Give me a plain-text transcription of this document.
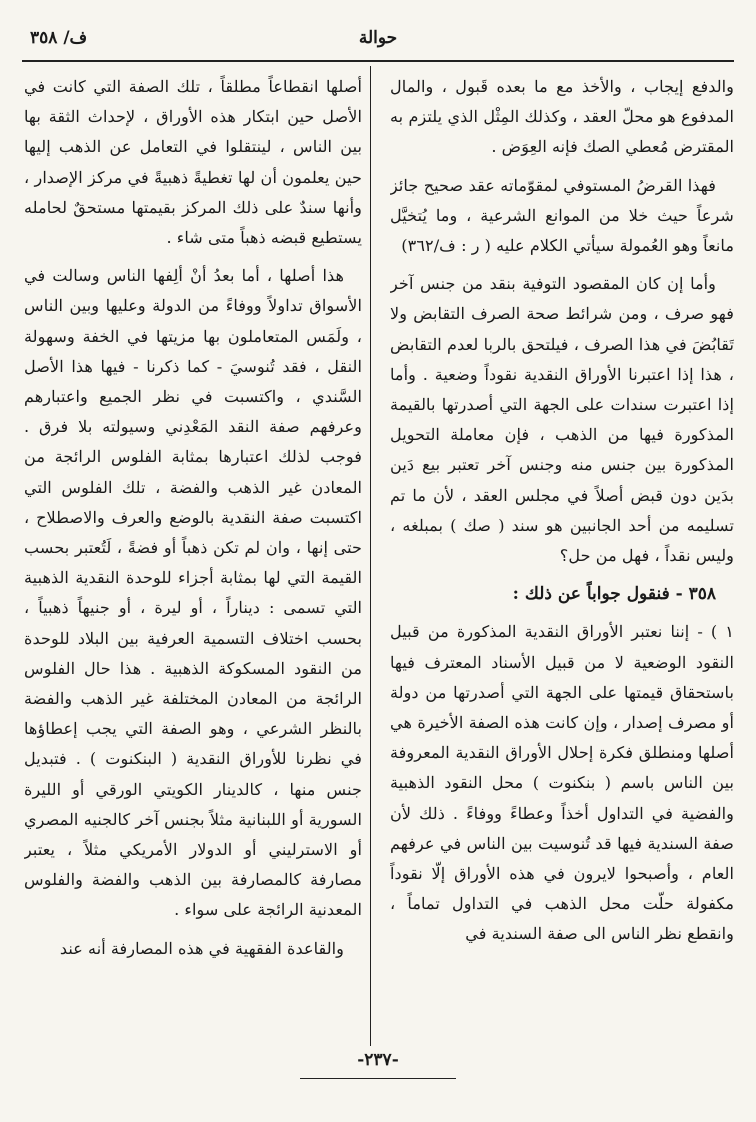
حوالة
ف/ ٣٥٨

والدفع إيجاب ، والأخذ مع ما بعده قَبول ، والمال المدفوع هو محلّ العقد ، وكذلك المِثْل الذي يلتزم به المقترض مُعطي الصك فإنه العِوَض .

فهذا القرضُ المستوفي لمقوّماته عقد صحيح جائز شرعاً حيث خلا من الموانع الشرعية ، وما يُتخيَّل مانعاً وهو العُمولة سيأتي الكلام عليه ( ر : ف/٣٦٢)

وأما إن كان المقصود التوفية بنقد من جنس آخر فهو صرف ، ومن شرائط صحة الصرف التقابض ولا تَقابُضَ في هذا الصرف ، فيلتحق بالربا لعدم التقابض ، هذا إذا اعتبرنا الأوراق النقدية نقوداً وضعية . وأما إذا اعتبرت سندات على الجهة التي أصدرتها بالقيمة المذكورة فيها من الذهب ، فإن معاملة التحويل المذكورة بين جنس منه وجنس آخر تعتبر بيع دَين بدَين دون قبض أصلاً في مجلس العقد ، لأن ما تم تسليمه من أحد الجانبين هو سند ( صك ) بمبلغه ، وليس نقداً ، فهل من حل؟

٣٥٨ - فنقول جواباً عن ذلك :

١ ) - إننا نعتبر الأوراق النقدية المذكورة من قبيل النقود الوضعية لا من قبيل الأسناد المعترف فيها باستحقاق قيمتها على الجهة التي أصدرتها من دولة أو مصرف إصدار ، وإن كانت هذه الصفة الأخيرة هي أصلها ومنطلق فكرة إحلال الأوراق النقدية المعروفة بين الناس باسم ( بنكنوت ) محل النقود الذهبية والفضية في التداول أخذاً وعطاءً ووفاءً . ذلك لأن صفة السندية فيها قد تُنوسيت بين الناس في عرفهم العام ، وأصبحوا لايرون في هذه الأوراق إلّا نقوداً مكفولة حلّت محل الذهب في التداول تماماً ، وانقطع نظر الناس الى صفة السندية في

أصلها انقطاعاً مطلقاً ، تلك الصفة التي كانت في الأصل حين ابتكار هذه الأوراق ، لإحداث الثقة بها بين الناس ، لينتقلوا في التعامل عن الذهب إليها حين يعلمون أن لها تغطيةً ذهبيةً في مركز الإصدار ، وأنها سندٌ على ذلك المركز بقيمتها مستحقٌ لحامله يستطيع قبضه ذهباً متى شاء .

هذا أصلها ، أما بعدُ أنْ ألِفها الناس وسالت في الأسواق تداولاً ووفاءً من الدولة وعليها وبين الناس ، ولَمَس المتعاملون بها مزيتها في الخفة وسهولة النقل ، فقد تُنوسيَ - كما ذكرنا - فيها هذا الأصل السَّندي ، واكتسبت في نظر الجميع واعتبارهم وعرفهم صفة النقد المَعْدِني وسيولته بلا فرق . فوجب لذلك اعتبارها بمثابة الفلوس الرائجة من المعادن غير الذهب والفضة ، تلك الفلوس التي اكتسبت صفة النقدية بالوضع والعرف والاصطلاح ، حتى إنها ، وان لم تكن ذهباً أو فضةً ، لَتُعتبر بحسب القيمة التي لها بمثابة أجزاء للوحدة النقدية الذهبية التي تسمى : ديناراً ، أو ليرة ، أو جنيهاً ذهبياً ، بحسب اختلاف التسمية العرفية بين البلاد للوحدة من النقود المسكوكة الذهبية . هذا حال الفلوس الرائجة من المعادن المختلفة غير الذهب والفضة بالنظر الشرعي ، وهو الصفة التي يجب إعطاؤها في نظرنا للأوراق النقدية ( البنكنوت ) . فتبديل جنس منها ، كالدينار الكويتي الورقي أو الليرة السورية أو اللبنانية مثلاً بجنس آخر كالجنيه المصري أو الاسترليني أو الدولار الأمريكي مثلاً ، يعتبر مصارفة كالمصارفة بين الذهب والفضة والفلوس المعدنية الرائجة على سواء .

والقاعدة الفقهية في هذه المصارفة أنه عند

-٢٣٧-
